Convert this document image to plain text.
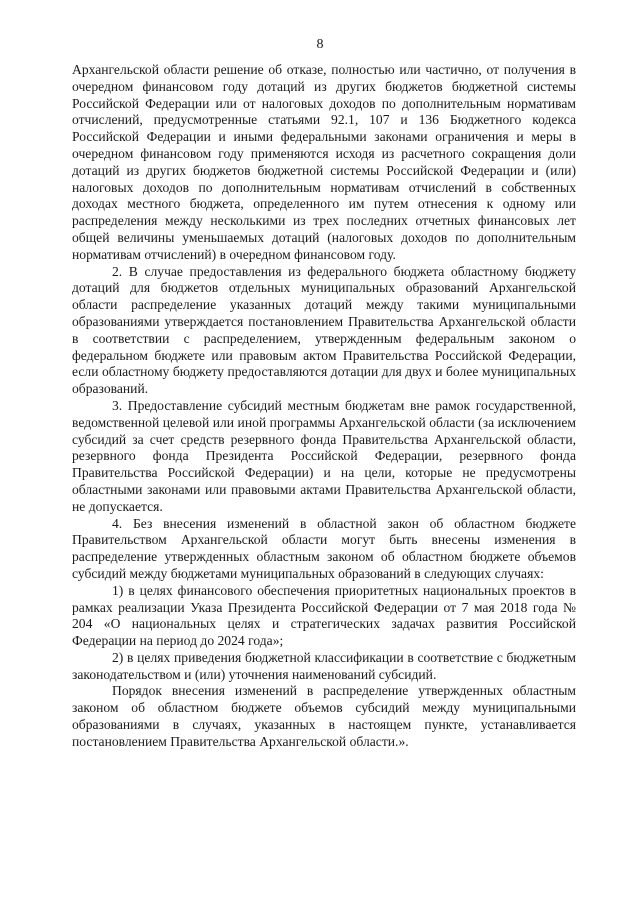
8

Архангельской области решение об отказе, полностью или частично, от получения в очередном финансовом году дотаций из других бюджетов бюджетной системы Российской Федерации или от налоговых доходов по дополнительным нормативам отчислений, предусмотренные статьями 92.1, 107 и 136 Бюджетного кодекса Российской Федерации и иными федеральными законами ограничения и меры в очередном финансовом году применяются исходя из расчетного сокращения доли дотаций из других бюджетов бюджетной системы Российской Федерации и (или) налоговых доходов по дополнительным нормативам отчислений в собственных доходах местного бюджета, определенного им путем отнесения к одному или распределения между несколькими из трех последних отчетных финансовых лет общей величины уменьшаемых дотаций (налоговых доходов по дополнительным нормативам отчислений) в очередном финансовом году.

2. В случае предоставления из федерального бюджета областному бюджету дотаций для бюджетов отдельных муниципальных образований Архангельской области распределение указанных дотаций между такими муниципальными образованиями утверждается постановлением Правительства Архангельской области в соответствии с распределением, утвержденным федеральным законом о федеральном бюджете или правовым актом Правительства Российской Федерации, если областному бюджету предоставляются дотации для двух и более муниципальных образований.

3. Предоставление субсидий местным бюджетам вне рамок государственной, ведомственной целевой или иной программы Архангельской области (за исключением субсидий за счет средств резервного фонда Правительства Архангельской области, резервного фонда Президента Российской Федерации, резервного фонда Правительства Российской Федерации) и на цели, которые не предусмотрены областными законами или правовыми актами Правительства Архангельской области, не допускается.

4. Без внесения изменений в областной закон об областном бюджете Правительством Архангельской области могут быть внесены изменения в распределение утвержденных областным законом об областном бюджете объемов субсидий между бюджетами муниципальных образований в следующих случаях:

1) в целях финансового обеспечения приоритетных национальных проектов в рамках реализации Указа Президента Российской Федерации от 7 мая 2018 года № 204 «О национальных целях и стратегических задачах развития Российской Федерации на период до 2024 года»;

2) в целях приведения бюджетной классификации в соответствие с бюджетным законодательством и (или) уточнения наименований субсидий.

Порядок внесения изменений в распределение утвержденных областным законом об областном бюджете объемов субсидий между муниципальными образованиями в случаях, указанных в настоящем пункте, устанавливается постановлением Правительства Архангельской области.».
